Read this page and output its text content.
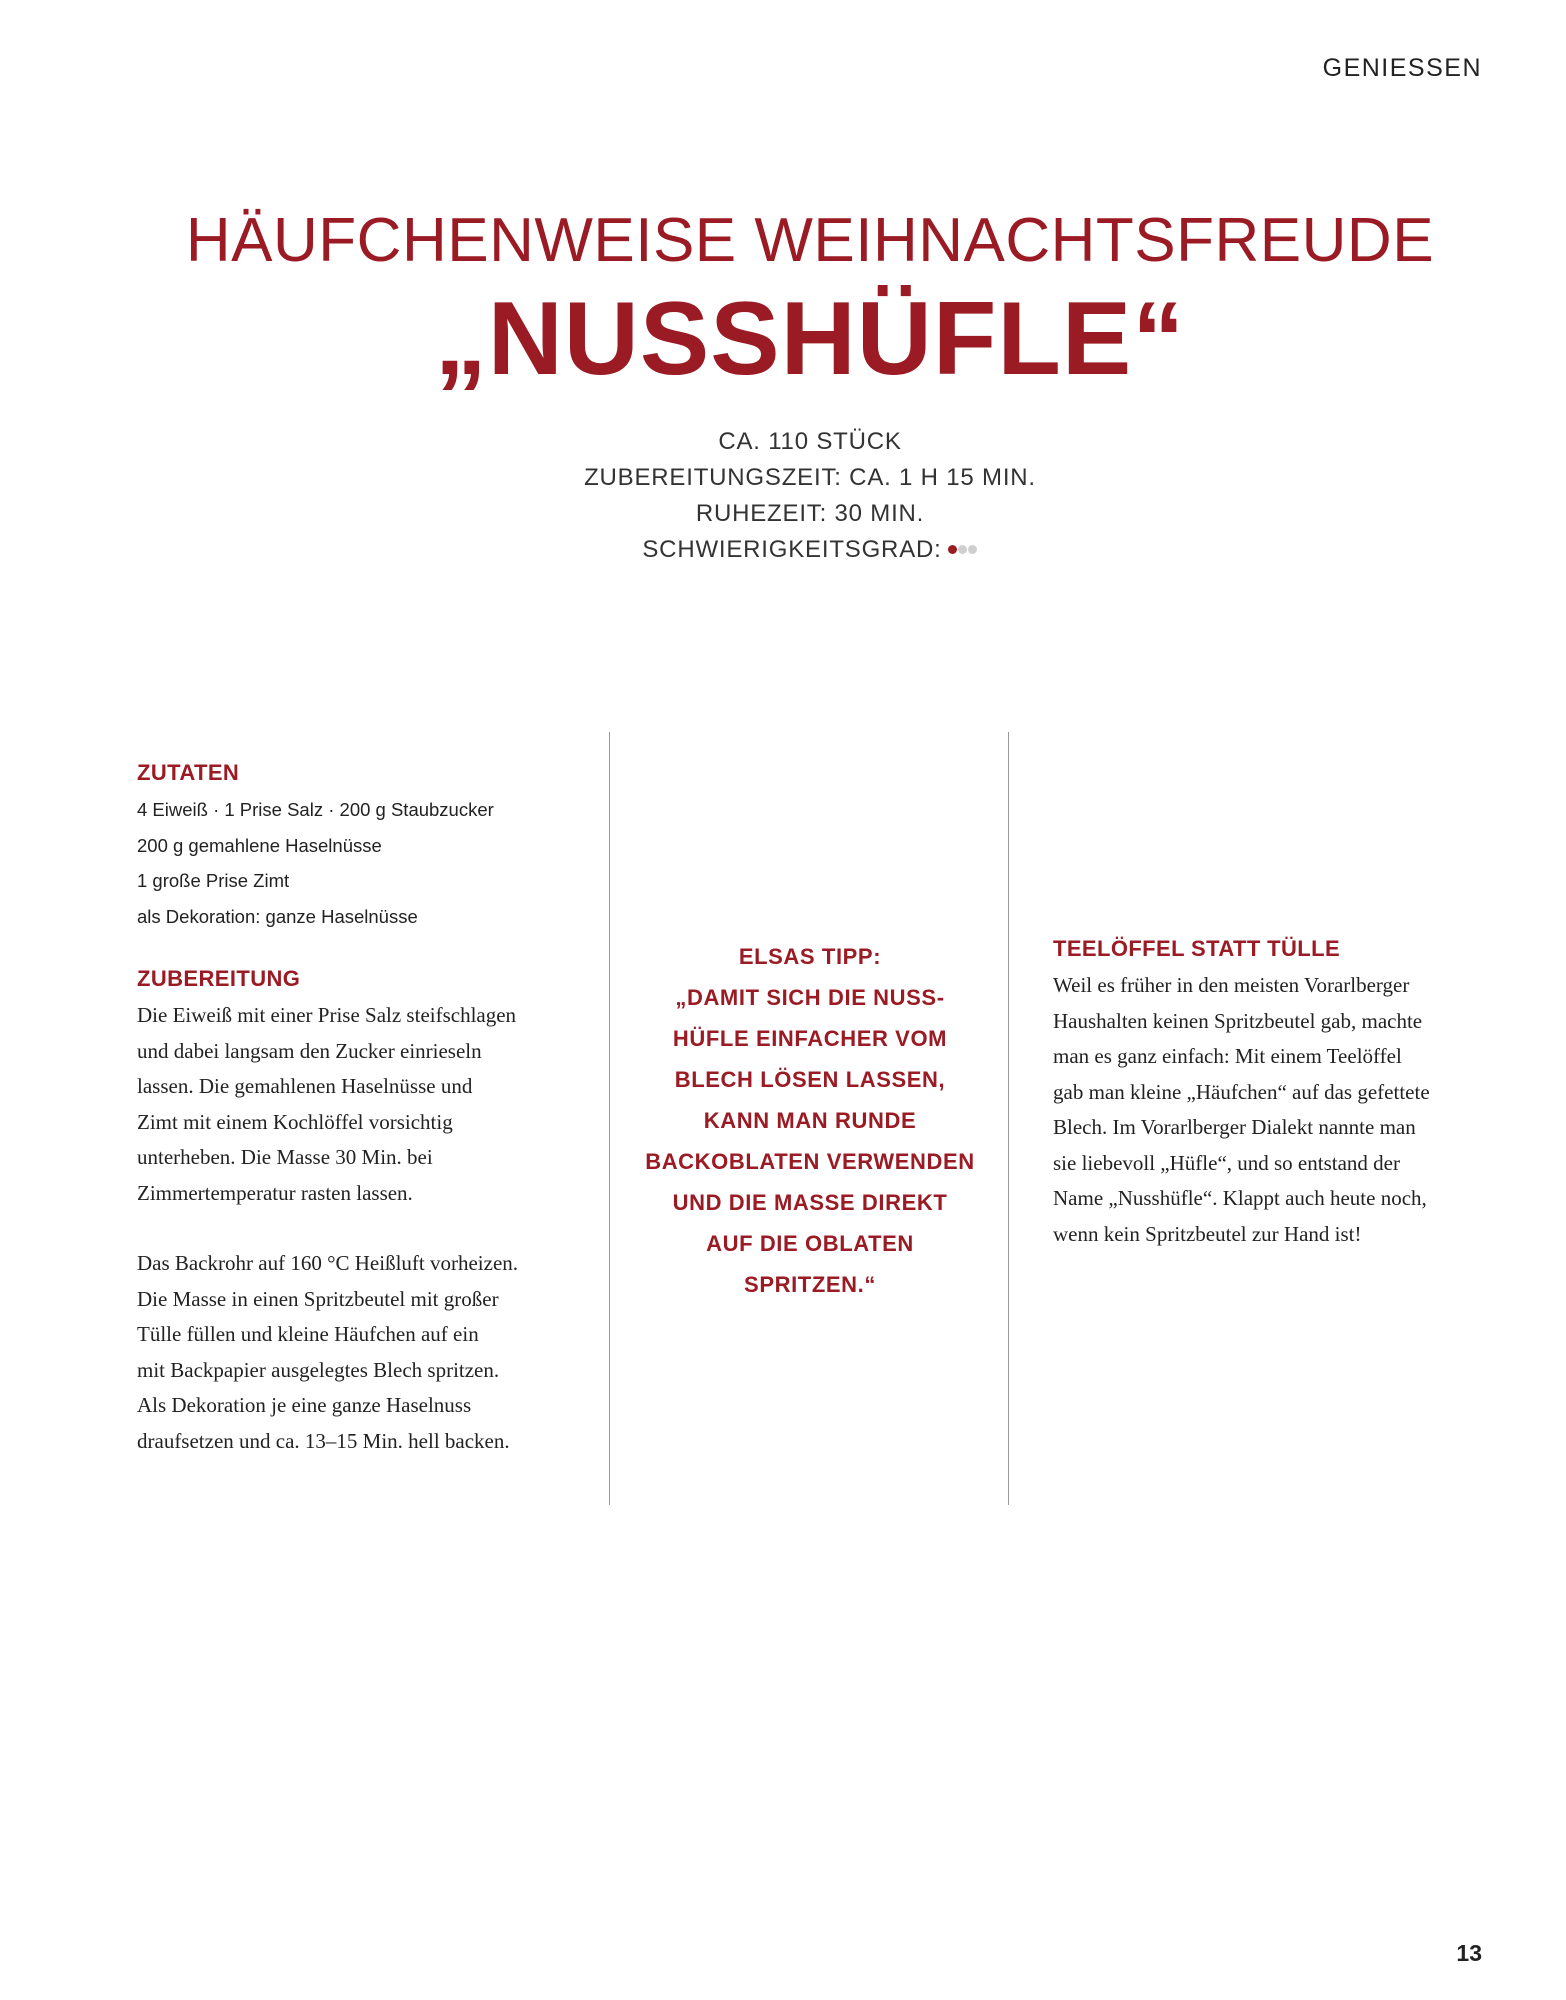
GENIESSEN
HÄUFCHENWEISE WEIHNACHTSFREUDE
„NUSSHÜFLE“
CA. 110 STÜCK
ZUBEREITUNGSZEIT: CA. 1 H 15 MIN.
RUHEZEIT: 30 MIN.
SCHWIERIGKEITSGRAD:
ZUTATEN
4 Eiweiß · 1 Prise Salz · 200 g Staubzucker
200 g gemahlene Haselnüsse
1 große Prise Zimt
als Dekoration: ganze Haselnüsse
ZUBEREITUNG
Die Eiweiß mit einer Prise Salz steifschlagen
und dabei langsam den Zucker einrieseln
lassen. Die gemahlenen Haselnüsse und
Zimt mit einem Kochlöffel vorsichtig
unterheben. Die Masse 30 Min. bei
Zimmertemperatur rasten lassen.
Das Backrohr auf 160 °C Heißluft vorheizen.
Die Masse in einen Spritzbeutel mit großer
Tülle füllen und kleine Häufchen auf ein
mit Backpapier ausgelegtes Blech spritzen.
Als Dekoration je eine ganze Haselnuss
draufsetzen und ca. 13–15 Min. hell backen.
ELSAS TIPP:
„DAMIT SICH DIE NUSS-
HÜFLE EINFACHER VOM
BLECH LÖSEN LASSEN,
KANN MAN RUNDE
BACKOBLATEN VERWENDEN
UND DIE MASSE DIREKT
AUF DIE OBLATEN
SPRITZEN.“
TEELÖFFEL STATT TÜLLE
Weil es früher in den meisten Vorarlberger
Haushalten keinen Spritzbeutel gab, machte
man es ganz einfach: Mit einem Teelöffel
gab man kleine „Häufchen“ auf das gefettete
Blech. Im Vorarlberger Dialekt nannte man
sie liebevoll „Hüfle“, und so entstand der
Name „Nusshüfle“. Klappt auch heute noch,
wenn kein Spritzbeutel zur Hand ist!
13
